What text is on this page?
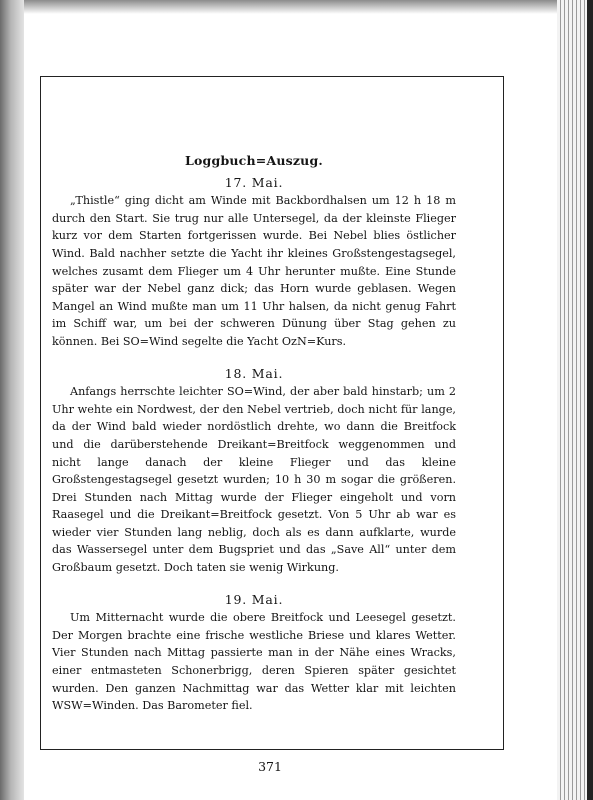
Loggbuch=Auszug.
17. Mai.

„Thistle“ ging dicht am Winde mit Backbordhalsen um 12 h 18 m durch den Start. Sie trug nur alle Untersegel, da der kleinste Flieger kurz vor dem Starten fortgerissen wurde. Bei Nebel blies östlicher Wind. Bald nachher setzte die Yacht ihr kleines Großstengestagsegel, welches zusamt dem Flieger um 4 Uhr herunter mußte. Eine Stunde später war der Nebel ganz dick; das Horn wurde geblasen. Wegen Mangel an Wind mußte man um 11 Uhr halsen, da nicht genug Fahrt im Schiff war, um bei der schweren Dünung über Stag gehen zu können. Bei SO=Wind segelte die Yacht OzN=Kurs.

18. Mai.

Anfangs herrschte leichter SO=Wind, der aber bald hinstarb; um 2 Uhr wehte ein Nordwest, der den Nebel vertrieb, doch nicht für lange, da der Wind bald wieder nordöstlich drehte, wo dann die Breitfock und die darüberstehende Dreikant=Breitfock weggenommen und nicht lange danach der kleine Flieger und das kleine Großstengestagsegel gesetzt wurden; 10 h 30 m sogar die größeren. Drei Stunden nach Mittag wurde der Flieger eingeholt und vorn Raasegel und die Dreikant=Breitfock gesetzt. Von 5 Uhr ab war es wieder vier Stunden lang neblig, doch als es dann aufklarte, wurde das Wassersegel unter dem Bugspriet und das „Save All“ unter dem Großbaum gesetzt. Doch taten sie wenig Wirkung.

19. Mai.

Um Mitternacht wurde die obere Breitfock und Leesegel gesetzt. Der Morgen brachte eine frische westliche Briese und klares Wetter. Vier Stunden nach Mittag passierte man in der Nähe eines Wracks, einer entmasteten Schonerbrigg, deren Spieren später gesichtet wurden. Den ganzen Nachmittag war das Wetter klar mit leichten WSW=Winden. Das Barometer fiel.

371
